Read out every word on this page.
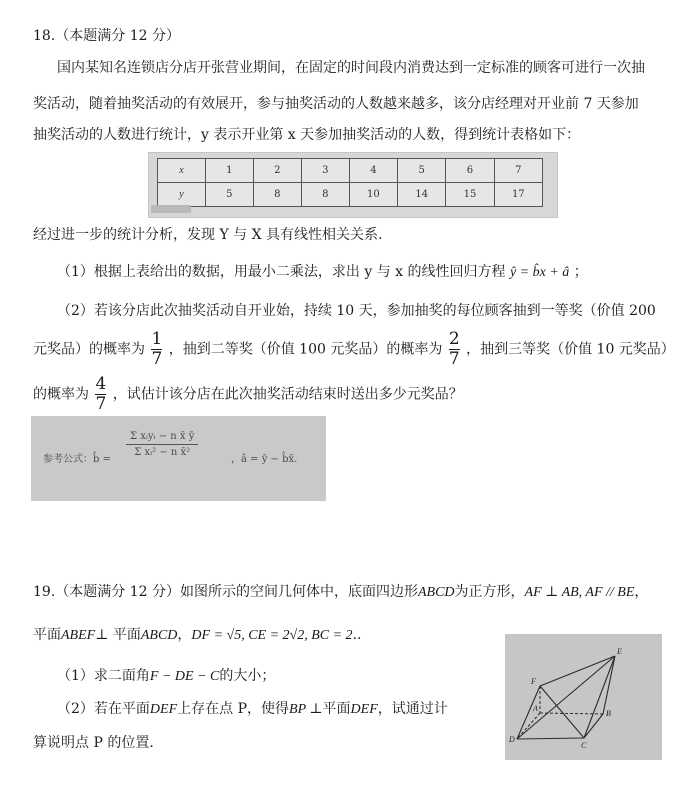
18.（本题满分 12 分）
国内某知名连锁店分店开张营业期间，在固定的时间段内消费达到一定标准的顾客可进行一次抽
奖活动，随着抽奖活动的有效展开，参与抽奖活动的人数越来越多，该分店经理对开业前 7 天参加
抽奖活动的人数进行统计，y 表示开业第 x 天参加抽奖活动的人数，得到统计表格如下：
x	1	2	3	4	5	6	7
y	5	8	8	10	14	15	17
经过进一步的统计分析，发现 Y 与 X 具有线性相关关系.
（1）根据上表给出的数据，用最小二乘法，求出 y 与 x 的线性回归方程 ŷ = b̂x + â ；
（2）若该分店此次抽奖活动自开业始，持续 10 天，参加抽奖的每位顾客抽到一等奖（价值 200
元奖品）的概率为 $\frac{1}{7}$ ，抽到二等奖（价值 100 元奖品）的概率为 $\frac{2}{7}$ ，抽到三等奖（价值 10 元奖品）
的概率为 $\frac{4}{7}$ ，试估计该分店在此次抽奖活动结束时送出多少元奖品？
参考公式：b̂ =
Σ xᵢyᵢ − n x̄ ȳ
Σ xᵢ² − n x̄²
，â = ȳ − b̂x̄.
19.（本题满分 12 分）如图所示的空间几何体中，底面四边形ABCD为正方形，AF ⊥ AB, AF // BE，
平面ABEF⊥ 平面ABCD，DF = √5, CE = 2√2, BC = 2..
（1）求二面角F − DE − C的大小；
（2）若在平面DEF上存在点 P，使得BP ⊥平面DEF，试通过计
算说明点 P 的位置.
E
F
A
B
C
D
